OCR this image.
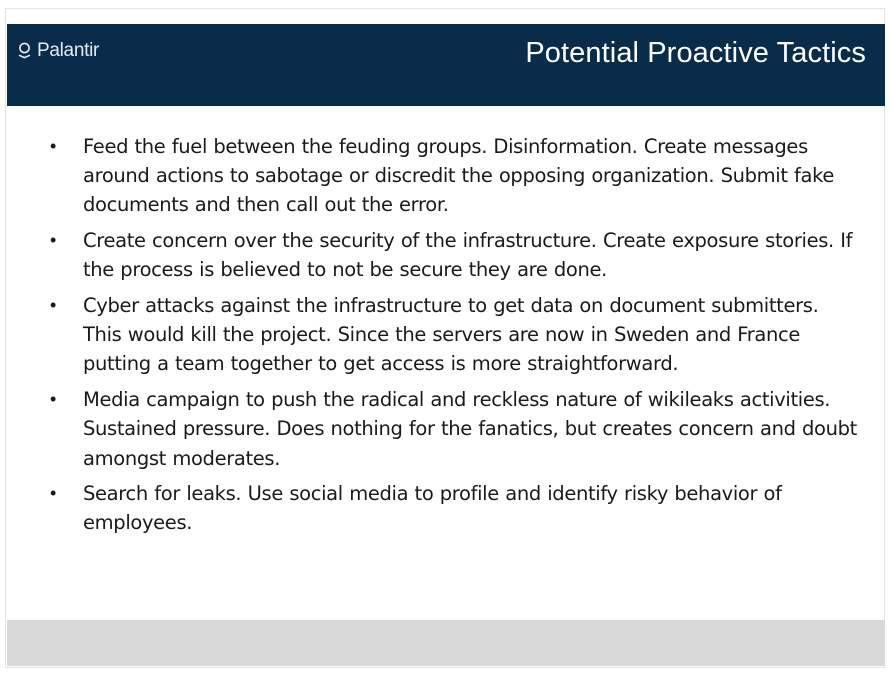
Palantir	Potential Proactive Tactics
• Feed the fuel between the feuding groups. Disinformation. Create messages around actions to sabotage or discredit the opposing organization. Submit fake documents and then call out the error.
• Create concern over the security of the infrastructure. Create exposure stories. If the process is believed to not be secure they are done.
• Cyber attacks against the infrastructure to get data on document submitters. This would kill the project. Since the servers are now in Sweden and France putting a team together to get access is more straightforward.
• Media campaign to push the radical and reckless nature of wikileaks activities. Sustained pressure. Does nothing for the fanatics, but creates concern and doubt amongst moderates.
• Search for leaks. Use social media to profile and identify risky behavior of employees.
